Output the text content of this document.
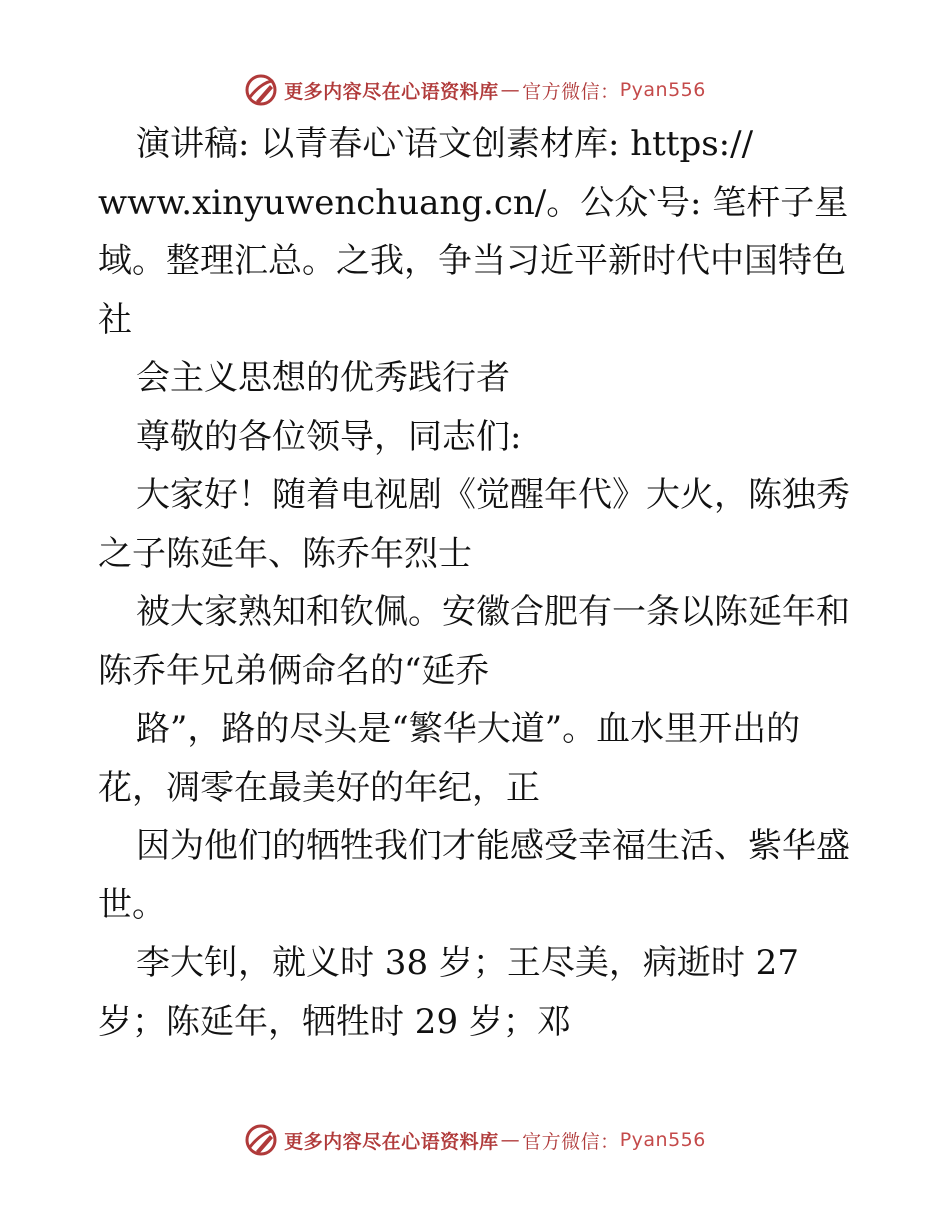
更多内容尽在心语资料库 — 官方微信： Pyan556
演讲稿: 以青春心‵语文创素材库: https://
www.xinyuwenchuang.cn/。公众‵号: 笔杆子星
域。整理汇总。之我，争当习近平新时代中国特色
社
会主义思想的优秀践行者
尊敬的各位领导，同志们:
大家好！随着电视剧《觉醒年代》大火，陈独秀
之子陈延年、陈乔年烈士
被大家熟知和钦佩。安徽合肥有一条以陈延年和
陈乔年兄弟俩命名的“延乔
路”，路的尽头是“繁华大道”。血水里开出的
花，凋零在最美好的年纪，正
因为他们的牺牲我们才能感受幸福生活、紫华盛
世。
李大钊，就义时 38 岁；王尽美，病逝时 27
岁；陈延年，牺牲时 29 岁；邓
更多内容尽在心语资料库 — 官方微信： Pyan556
